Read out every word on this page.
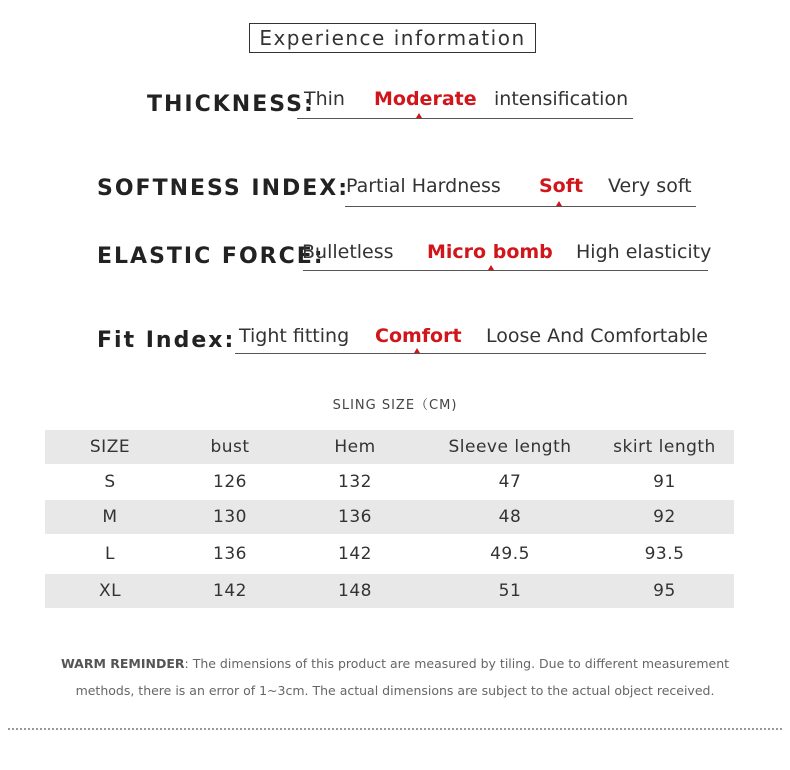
Experience information
THICKNESS:
Thin Moderate intensification
SOFTNESS INDEX:
Partial Hardness Soft Very soft
ELASTIC FORCE:
Bulletless Micro bomb High elasticity
Fit Index: Tight fitting Comfort Loose And Comfortable
SLING SIZE（CM)
SIZE	bust	Hem	Sleeve length	skirt length
S	126	132	47	91
M	130	136	48	92
L	136	142	49.5	93.5
XL	142	148	51	95
WARM REMINDER: The dimensions of this product are measured by tiling. Due to different measurement
methods, there is an error of 1~3cm. The actual dimensions are subject to the actual object received.
